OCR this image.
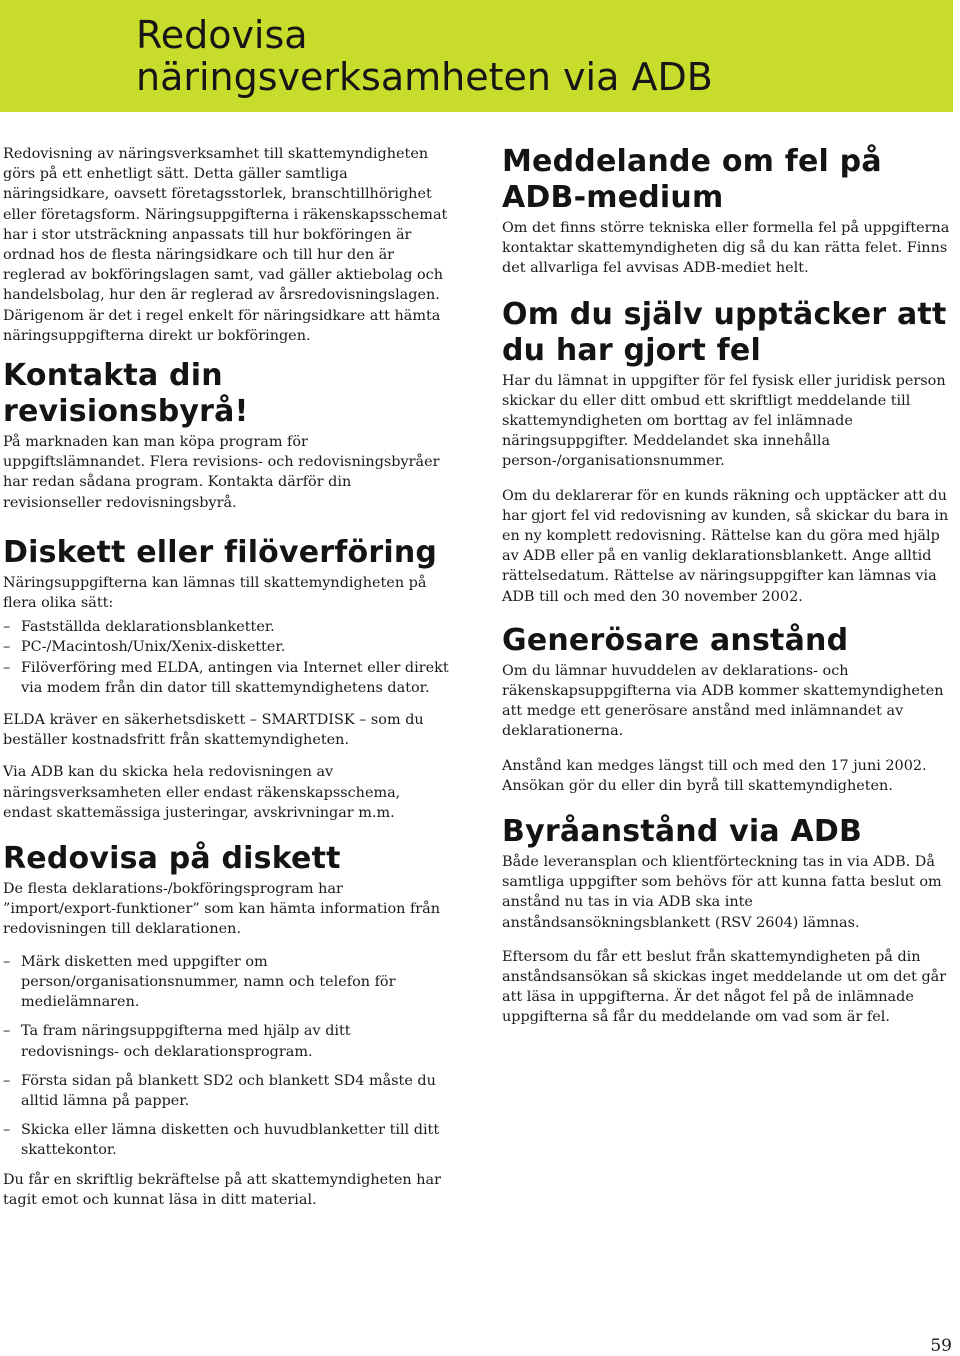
Redovisa
näringsverksamheten via ADB

Redovisning av näringsverksamhet till skattemyndigheten görs på ett enhetligt sätt. Detta gäller samtliga näringsidkare, oavsett företagsstorlek, branschtillhörighet eller företagsform. Näringsuppgifterna i räkenskapsschemat har i stor utsträckning anpassats till hur bokföringen är ordnad hos de flesta näringsidkare och till hur den är reglerad av bokföringslagen samt, vad gäller aktiebolag och handelsbolag, hur den är reglerad av årsredovisningslagen. Därigenom är det i regel enkelt för näringsidkare att hämta näringsuppgifterna direkt ur bokföringen.

Kontakta din revisionsbyrå!

På marknaden kan man köpa program för uppgiftslämnandet. Flera revisions- och redovisningsbyråer har redan sådana program. Kontakta därför din revisionseller redovisningsbyrå.

Diskett eller filöverföring

Näringsuppgifterna kan lämnas till skattemyndigheten på flera olika sätt:

– Fastställda deklarationsblanketter.
– PC-/Macintosh/Unix/Xenix-disketter.
– Filöverföring med ELDA, antingen via Internet eller direkt via modem från din dator till skattemyndighetens dator.

ELDA kräver en säkerhetsdiskett – SMARTDISK – som du beställer kostnadsfritt från skattemyndigheten.

Via ADB kan du skicka hela redovisningen av näringsverksamheten eller endast räkenskapsschema, endast skattemässiga justeringar, avskrivningar m.m.

Redovisa på diskett

De flesta deklarations-/bokföringsprogram har ”import/export-funktioner” som kan hämta information från redovisningen till deklarationen.

– Märk disketten med uppgifter om person/organisationsnummer, namn och telefon för medielämnaren.
– Ta fram näringsuppgifterna med hjälp av ditt redovisnings- och deklarationsprogram.
– Första sidan på blankett SD2 och blankett SD4 måste du alltid lämna på papper.
– Skicka eller lämna disketten och huvudblanketter till ditt skattekontor.

Du får en skriftlig bekräftelse på att skattemyndigheten har tagit emot och kunnat läsa in ditt material.

Meddelande om fel på ADB-medium

Om det finns större tekniska eller formella fel på uppgifterna kontaktar skattemyndigheten dig så du kan rätta felet. Finns det allvarliga fel avvisas ADB-mediet helt.

Om du själv upptäcker att du har gjort fel

Har du lämnat in uppgifter för fel fysisk eller juridisk person skickar du eller ditt ombud ett skriftligt meddelande till skattemyndigheten om borttag av fel inlämnade näringsuppgifter. Meddelandet ska innehålla person-/organisationsnummer.

Om du deklarerar för en kunds räkning och upptäcker att du har gjort fel vid redovisning av kunden, så skickar du bara in en ny komplett redovisning. Rättelse kan du göra med hjälp av ADB eller på en vanlig deklarationsblankett. Ange alltid rättelsedatum. Rättelse av näringsuppgifter kan lämnas via ADB till och med den 30 november 2002.

Generösare anstånd

Om du lämnar huvuddelen av deklarations- och räkenskapsuppgifterna via ADB kommer skattemyndigheten att medge ett generösare anstånd med inlämnandet av deklarationerna.

Anstånd kan medges längst till och med den 17 juni 2002. Ansökan gör du eller din byrå till skattemyndigheten.

Byråanstånd via ADB

Både leveransplan och klientförteckning tas in via ADB. Då samtliga uppgifter som behövs för att kunna fatta beslut om anstånd nu tas in via ADB ska inte anståndsansökningsblankett (RSV 2604) lämnas.

Eftersom du får ett beslut från skattemyndigheten på din anståndsansökan så skickas inget meddelande ut om det går att läsa in uppgifterna. Är det något fel på de inlämnade uppgifterna så får du meddelande om vad som är fel.

59
